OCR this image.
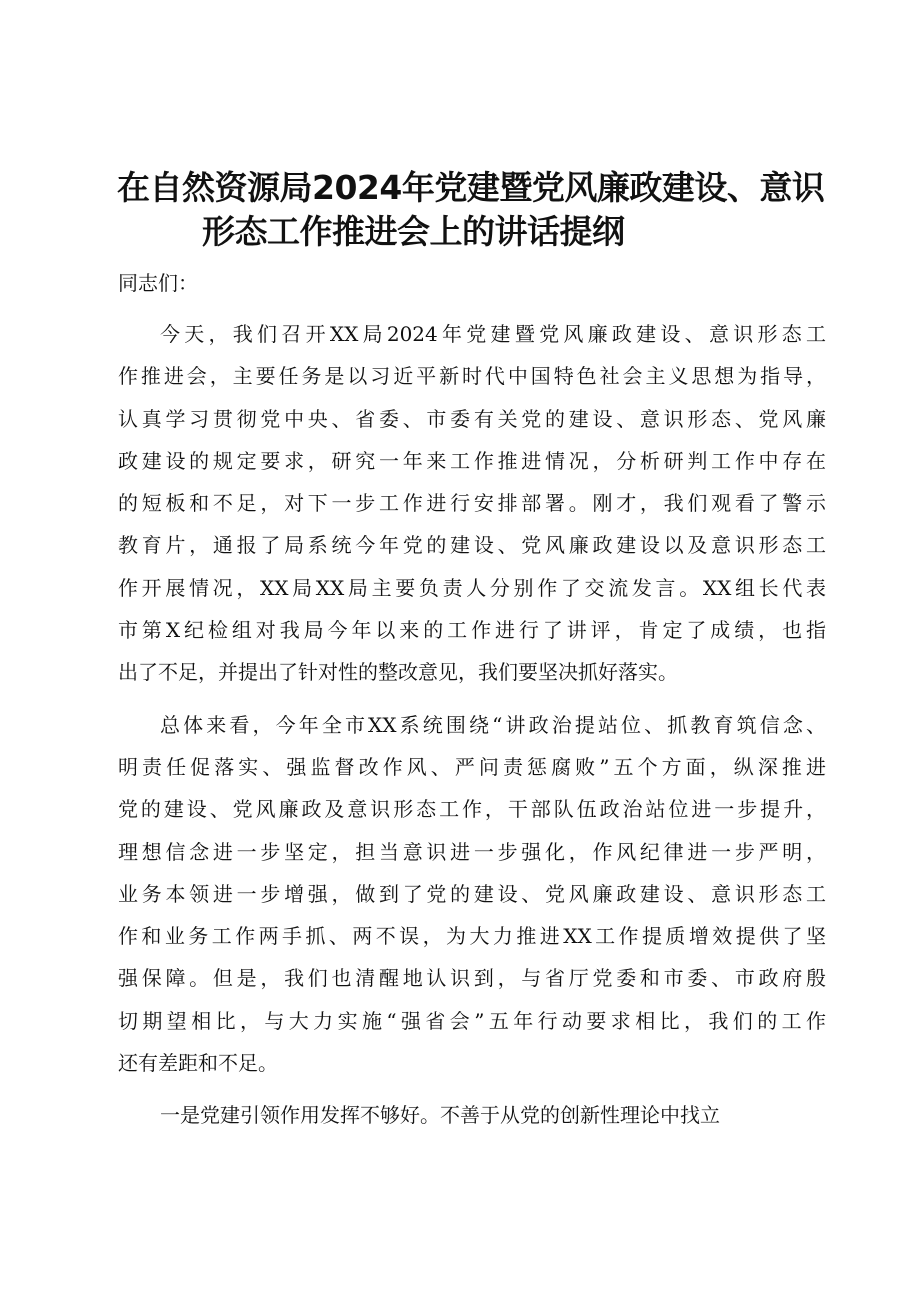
在自然资源局2024年党建暨党风廉政建设、意识
形态工作推进会上的讲话提纲

同志们：

今天，我们召开XX局2024年党建暨党风廉政建设、意识形态工
作推进会，主要任务是以习近平新时代中国特色社会主义思想为指导，
认真学习贯彻党中央、省委、市委有关党的建设、意识形态、党风廉
政建设的规定要求，研究一年来工作推进情况，分析研判工作中存在
的短板和不足，对下一步工作进行安排部署。刚才，我们观看了警示
教育片，通报了局系统今年党的建设、党风廉政建设以及意识形态工
作开展情况，XX局XX局主要负责人分别作了交流发言。XX组长代表
市第X纪检组对我局今年以来的工作进行了讲评，肯定了成绩，也指
出了不足，并提出了针对性的整改意见，我们要坚决抓好落实。

总体来看，今年全市XX系统围绕“讲政治提站位、抓教育筑信念、
明责任促落实、强监督改作风、严问责惩腐败”五个方面，纵深推进
党的建设、党风廉政及意识形态工作，干部队伍政治站位进一步提升，
理想信念进一步坚定，担当意识进一步强化，作风纪律进一步严明，
业务本领进一步增强，做到了党的建设、党风廉政建设、意识形态工
作和业务工作两手抓、两不误，为大力推进XX工作提质增效提供了坚
强保障。但是，我们也清醒地认识到，与省厅党委和市委、市政府殷
切期望相比，与大力实施“强省会”五年行动要求相比，我们的工作
还有差距和不足。

一是党建引领作用发挥不够好。不善于从党的创新性理论中找立
